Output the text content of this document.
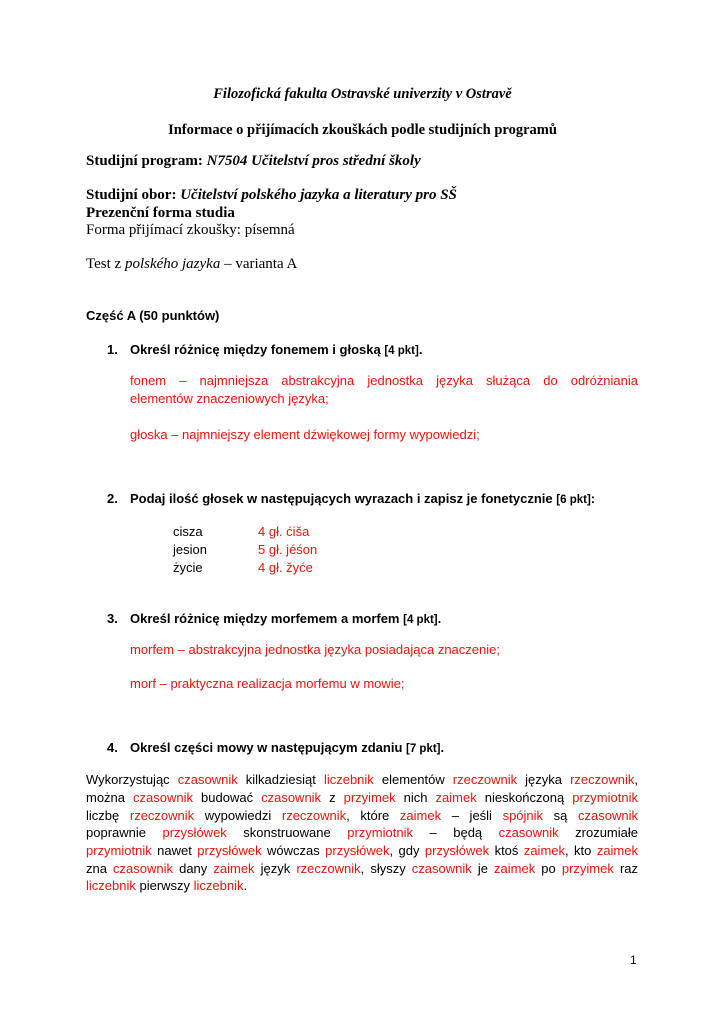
Filozofická fakulta Ostravské univerzity v Ostravě
Informace o přijímacích zkouškách podle studijních programů
Studijní program: N7504 Učitelství pros střední školy
Studijní obor: Učitelství polského jazyka a literatury pro SŠ
Prezenční forma studia
Forma přijímací zkoušky: písemná
Test z polského jazyka – varianta A
Część A (50 punktów)
1. Określ różnicę między fonemem i głoską [4 pkt].
fonem – najmniejsza abstrakcyjna jednostka języka służąca do odróżniania
elementów znaczeniowych języka;
głoska – najmniejszy element dźwiękowej formy wypowiedzi;
2. Podaj ilość głosek w następujących wyrazach i zapisz je fonetycznie [6 pkt]:
cisza	4 gł. ćiša
jesion	5 gł. jéśon
życie	4 gł. žyće
3. Określ różnicę między morfemem a morfem [4 pkt].
morfem – abstrakcyjna jednostka języka posiadająca znaczenie;
morf – praktyczna realizacja morfemu w mowie;
4. Określ części mowy w następującym zdaniu [7 pkt].
Wykorzystując czasownik kilkadziesiąt liczebnik elementów rzeczownik języka rzeczownik,
można czasownik budować czasownik z przyimek nich zaimek nieskończoną przymiotnik
liczbę rzeczownik wypowiedzi rzeczownik, które zaimek – jeśli spójnik są czasownik
poprawnie przysłówek skonstruowane przymiotnik – będą czasownik zrozumiałe
przymiotnik nawet przysłówek wówczas przysłówek, gdy przysłówek ktoś zaimek, kto zaimek
zna czasownik dany zaimek język rzeczownik, słyszy czasownik je zaimek po przyimek raz
liczebnik pierwszy liczebnik.
1
